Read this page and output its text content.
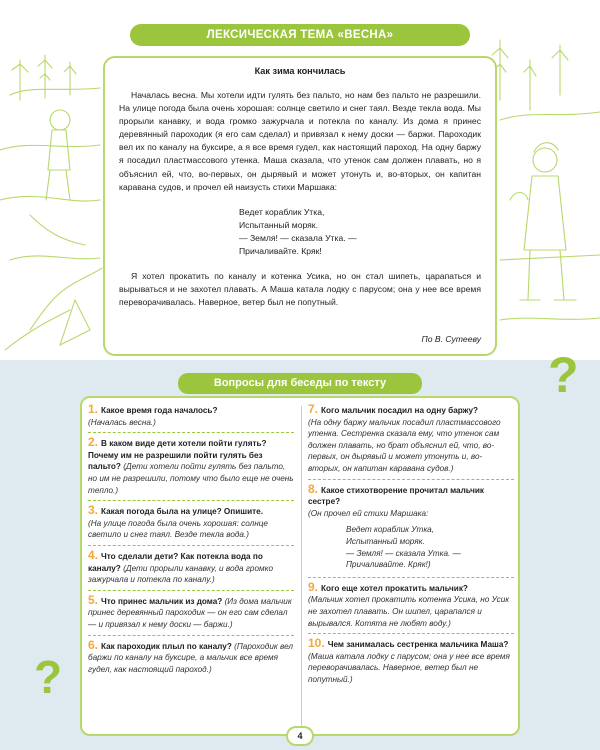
ЛЕКСИЧЕСКАЯ ТЕМА «ВЕСНА»
Как зима кончилась

Началась весна. Мы хотели идти гулять без пальто, но нам без пальто не разрешили. На улице погода была очень хорошая: солнце светило и снег таял. Везде текла вода. Мы прорыли канавку, и вода громко зажурчала и потекла по каналу. Из дома я принес деревянный пароходик (я его сам сделал) и привязал к нему доски — баржи. Пароходик вел их по каналу на буксире, а я все время гудел, как настоящий пароход. На одну баржу я посадил пластмассового утенка. Маша сказала, что утенок сам должен плавать, но я объяснил ей, что, во-первых, он дырявый и может утонуть и, во-вторых, он капитан каравана судов, и прочел ей наизусть стихи Маршака:

Ведет кораблик Утка,
Испытанный моряк.
— Земля! — сказала Утка. —
Причаливайте. Кряк!

Я хотел прокатить по каналу и котенка Усика, но он стал шипеть, царапаться и вырываться и не захотел плавать. А Маша катала лодку с парусом; она у нее все время переворачивалась. Наверное, ветер был не попутный.

По В. Сутееву
?
Вопросы для беседы по тексту
1. Какое время года началось?
(Началась весна.)
2. В каком виде дети хотели пойти гулять? Почему им не разрешили пойти гулять без пальто? (Дети хотели пойти гулять без пальто, но им не разрешили, потому что было еще не очень тепло.)
3. Какая погода была на улице? Опишите.
(На улице погода была очень хорошая: солнце светило и снег таял. Везде текла вода.)
4. Что сделали дети? Как потекла вода по каналу? (Дети прорыли канавку, и вода громко зажурчала и потекла по каналу.)
5. Что принес мальчик из дома? (Из дома мальчик принес деревянный пароходик — он его сам сделал — и привязал к нему доски — баржи.)
6. Как пароходик плыл по каналу? (Пароходик вел баржи по каналу на буксире, а мальчик все время гудел, как настоящий пароход.)
7. Кого мальчик посадил на одну баржу?
(На одну баржу мальчик посадил пластмассового утенка. Сестренка сказала ему, что утенок сам должен плавать, но брат объяснил ей, что, во-первых, он дырявый и может утонуть и, во-вторых, он капитан каравана судов.)
8. Какое стихотворение прочитал мальчик сестре?
(Он прочел ей стихи Маршака:
Ведет кораблик Утка,
Испытанный моряк.
— Земля! — сказала Утка. —
Причаливайте. Кряк!)
9. Кого еще хотел прокатить мальчик?
(Мальчик хотел прокатить котенка Усика, но Усик не захотел плавать. Он шипел, царапался и вырывался. Котята не любят воду.)
10. Чем занималась сестренка мальчика Маша? (Маша катала лодку с парусом; она у нее все время переворачивалась. Наверное, ветер был не попутный.)
?
4
